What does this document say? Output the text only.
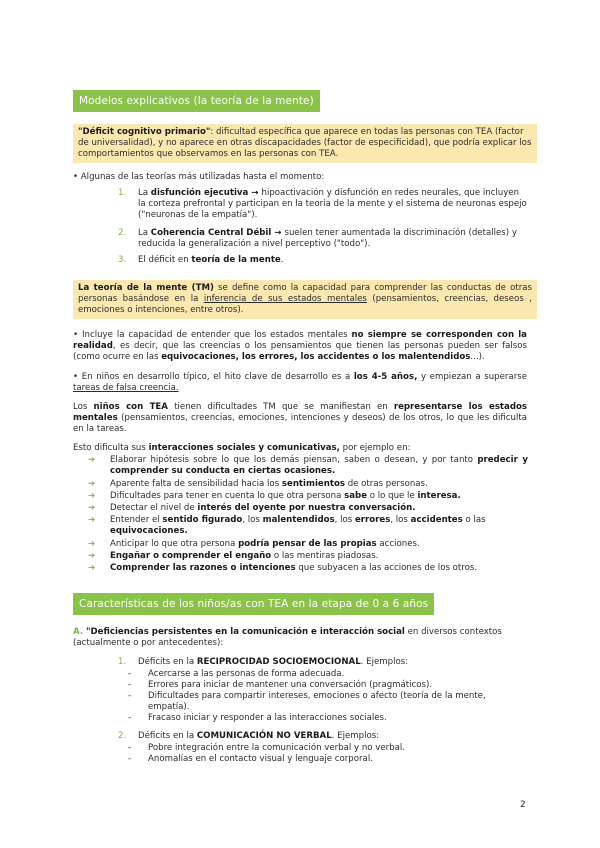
Modelos explicativos (la teoría de la mente)
"Déficit cognitivo primario": dificultad específica que aparece en todas las personas con TEA (factor de universalidad), y no aparece en otras discapacidades (factor de especificidad), que podría explicar los comportamientos que observamos en las personas con TEA.
• Algunas de las teorías más utilizadas hasta el momento:
1.	La disfunción ejecutiva → hipoactivación y disfunción en redes neurales, que incluyen la corteza prefrontal y participan en la teoría de la mente y el sistema de neuronas espejo ("neuronas de la empatía").
2.	La Coherencia Central Débil → suelen tener aumentada la discriminación (detalles) y reducida la generalización a nivel perceptivo ("todo").
3.	El déficit en teoría de la mente.
La teoría de la mente (TM) se define como la capacidad para comprender las conductas de otras personas basándose en la inferencia de sus estados mentales (pensamientos, creencias, deseos , emociones o intenciones, entre otros).
• Incluye la capacidad de entender que los estados mentales no siempre se corresponden con la realidad, es decir, que las creencias o los pensamientos que tienen las personas pueden ser falsos (como ocurre en las equivocaciones, los errores, los accidentes o los malentendidos...).
• En niños en desarrollo típico, el hito clave de desarrollo es a los 4-5 años, y empiezan a superarse tareas de falsa creencia.
Los niños con TEA tienen dificultades TM que se manifiestan en representarse los estados mentales (pensamientos, creencias, emociones, intenciones y deseos) de los otros, lo que les dificulta en la tareas.
Esto dificulta sus interacciones sociales y comunicativas, por ejemplo en:
➔	Elaborar hipótesis sobre lo que los demás piensan, saben o desean, y por tanto predecir y comprender su conducta en ciertas ocasiones.
➔	Aparente falta de sensibilidad hacia los sentimientos de otras personas.
➔	Dificultades para tener en cuenta lo que otra persona sabe o lo que le interesa.
➔	Detectar el nivel de interés del oyente por nuestra conversación.
➔	Entender el sentido figurado, los malentendidos, los errores, los accidentes o las equivocaciones.
➔	Anticipar lo que otra persona podría pensar de las propias acciones.
➔	Engañar o comprender el engaño o las mentiras piadosas.
➔	Comprender las razones o intenciones que subyacen a las acciones de los otros.
Características de los niños/as con TEA en la etapa de 0 a 6 años
A. "Deficiencias persistentes en la comunicación e interacción social en diversos contextos (actualmente o por antecedentes):
1.	Déficits en la RECIPROCIDAD SOCIOEMOCIONAL. Ejemplos:
-	Acercarse a las personas de forma adecuada.
-	Errores para iniciar de mantener una conversación (pragmáticos).
-	Dificultades para compartir intereses, emociones o afecto (teoría de la mente, empatía).
-	Fracaso iniciar y responder a las interacciones sociales.
2.	Déficits en la COMUNICACIÓN NO VERBAL. Ejemplos:
-	Pobre integración entre la comunicación verbal y no verbal.
-	Anomalías en el contacto visual y lenguaje corporal.
2
